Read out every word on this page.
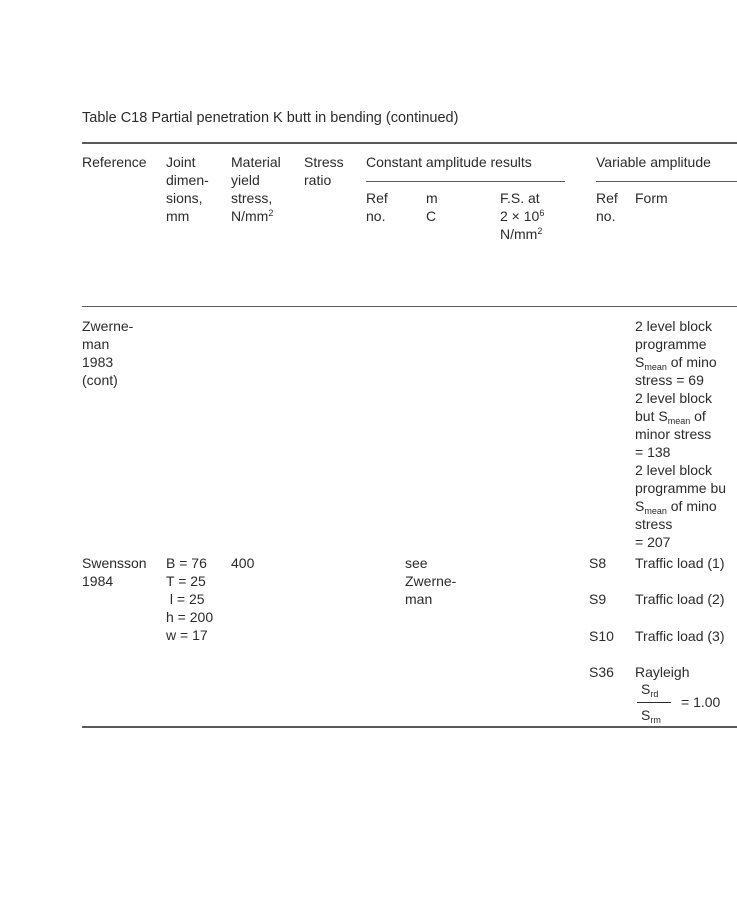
Table C18 Partial penetration K butt in bending (continued)
Reference Joint
dimen-
sions,
mm
Material
yield
stress,
$N/mm^2$
Stress
ratio
Constant amplitude results	Variable amplitude
Ref
no.
m
C
F.S. at
$2 \times 10^6$
$N/mm^2$
Ref
no.
Form
Zwerne-
man
1983
(cont)
2 level block
programme
$S_{mean}$ of mino
stress = 69
2 level block
but $S_{mean}$ of
minor stress
= 138
2 level block
programme bu
$S_{mean}$ of mino
stress
= 207
Swensson
1984
B = 76
T = 25
l = 25
h = 200
w = 17
400	see
Zwerne-
man
S8 Traffic load (1)
S9 Traffic load (2)
S10 Traffic load (3)
S36 Rayleigh
$S_{rd}$
$S_{rm}$
= 1.00
